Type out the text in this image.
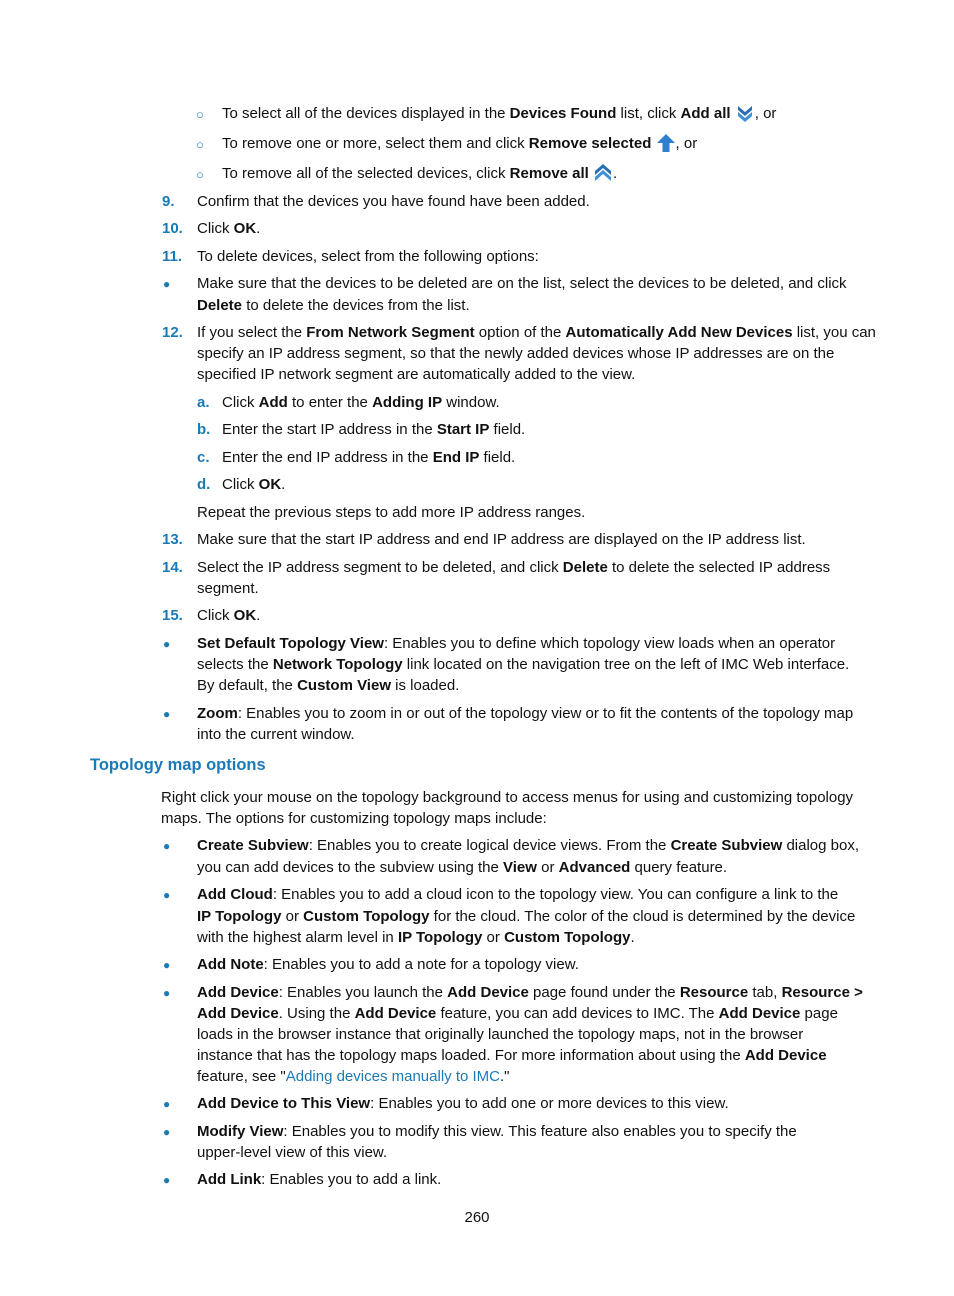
○ To select all of the devices displayed in the Devices Found list, click Add all , or
○ To remove one or more, select them and click Remove selected , or
○ To remove all of the selected devices, click Remove all .
9. Confirm that the devices you have found have been added.
10. Click OK.
11. To delete devices, select from the following options:
● Make sure that the devices to be deleted are on the list, select the devices to be deleted, and click
Delete to delete the devices from the list.
12. If you select the From Network Segment option of the Automatically Add New Devices list, you can
specify an IP address segment, so that the newly added devices whose IP addresses are on the
specified IP network segment are automatically added to the view.
a. Click Add to enter the Adding IP window.
b. Enter the start IP address in the Start IP field.
c. Enter the end IP address in the End IP field.
d. Click OK.
Repeat the previous steps to add more IP address ranges.
13. Make sure that the start IP address and end IP address are displayed on the IP address list.
14. Select the IP address segment to be deleted, and click Delete to delete the selected IP address
segment.
15. Click OK.
● Set Default Topology View: Enables you to define which topology view loads when an operator
selects the Network Topology link located on the navigation tree on the left of IMC Web interface.
By default, the Custom View is loaded.
● Zoom: Enables you to zoom in or out of the topology view or to fit the contents of the topology map
into the current window.
Topology map options
Right click your mouse on the topology background to access menus for using and customizing topology
maps. The options for customizing topology maps include:
● Create Subview: Enables you to create logical device views. From the Create Subview dialog box,
you can add devices to the subview using the View or Advanced query feature.
● Add Cloud: Enables you to add a cloud icon to the topology view. You can configure a link to the
IP Topology or Custom Topology for the cloud. The color of the cloud is determined by the device
with the highest alarm level in IP Topology or Custom Topology.
● Add Note: Enables you to add a note for a topology view.
● Add Device: Enables you launch the Add Device page found under the Resource tab, Resource >
Add Device. Using the Add Device feature, you can add devices to IMC. The Add Device page
loads in the browser instance that originally launched the topology maps, not in the browser
instance that has the topology maps loaded. For more information about using the Add Device
feature, see "Adding devices manually to IMC."
● Add Device to This View: Enables you to add one or more devices to this view.
● Modify View: Enables you to modify this view. This feature also enables you to specify the
upper-level view of this view.
● Add Link: Enables you to add a link.
260
